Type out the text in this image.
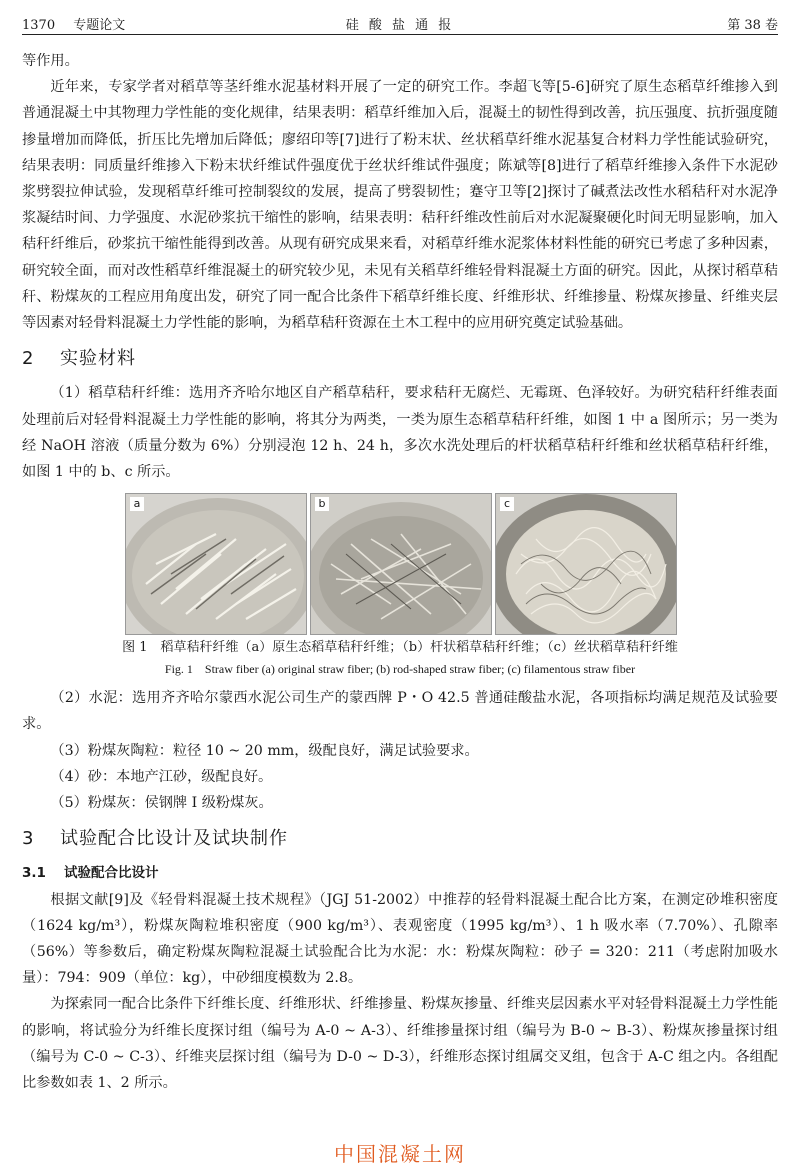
1370 专题论文	硅 酸 盐 通 报	第 38 卷

等作用。

近年来，专家学者对稻草等茎纤维水泥基材料开展了一定的研究工作。李超飞等[5-6]研究了原生态稻草纤维掺入到普通混凝土中其物理力学性能的变化规律，结果表明：稻草纤维加入后，混凝土的韧性得到改善，抗压强度、抗折强度随掺量增加而降低，折压比先增加后降低；廖绍印等[7]进行了粉末状、丝状稻草纤维水泥基复合材料力学性能试验研究，结果表明：同质量纤维掺入下粉末状纤维试件强度优于丝状纤维试件强度；陈斌等[8]进行了稻草纤维掺入条件下水泥砂浆劈裂拉伸试验，发现稻草纤维可控制裂纹的发展，提高了劈裂韧性；蹇守卫等[2]探讨了碱煮法改性水稻秸秆对水泥净浆凝结时间、力学强度、水泥砂浆抗干缩性的影响，结果表明：秸秆纤维改性前后对水泥凝聚硬化时间无明显影响，加入秸秆纤维后，砂浆抗干缩性能得到改善。从现有研究成果来看，对稻草纤维水泥浆体材料性能的研究已考虑了多种因素，研究较全面，而对改性稻草纤维混凝土的研究较少见，未见有关稻草纤维轻骨料混凝土方面的研究。因此，从探讨稻草秸秆、粉煤灰的工程应用角度出发，研究了同一配合比条件下稻草纤维长度、纤维形状、纤维掺量、粉煤灰掺量、纤维夹层等因素对轻骨料混凝土力学性能的影响，为稻草秸秆资源在土木工程中的应用研究奠定试验基础。

2 实验材料

（1）稻草秸秆纤维：选用齐齐哈尔地区自产稻草秸秆，要求秸秆无腐烂、无霉斑、色泽较好。为研究秸秆纤维表面处理前后对轻骨料混凝土力学性能的影响，将其分为两类，一类为原生态稻草秸秆纤维，如图 1 中 a 图所示；另一类为经 NaOH 溶液（质量分数为 6%）分别浸泡 12 h、24 h，多次水洗处理后的杆状稻草秸秆纤维和丝状稻草秸秆纤维，如图 1 中的 b、c 所示。

a	b	c
图 1　稻草秸秆纤维（a）原生态稻草秸秆纤维；（b）杆状稻草秸秆纤维；（c）丝状稻草秸秆纤维
Fig. 1　Straw fiber (a) original straw fiber; (b) rod-shaped straw fiber; (c) filamentous straw fiber

（2）水泥：选用齐齐哈尔蒙西水泥公司生产的蒙西牌 P・O 42.5 普通硅酸盐水泥，各项指标均满足规范及试验要求。

（3）粉煤灰陶粒：粒径 10 ~ 20 mm，级配良好，满足试验要求。

（4）砂：本地产江砂，级配良好。

（5）粉煤灰：侯钢牌 Ⅰ 级粉煤灰。

3 试验配合比设计及试块制作
3.1 试验配合比设计

根据文献[9]及《轻骨料混凝土技术规程》（JGJ 51-2002）中推荐的轻骨料混凝土配合比方案，在测定砂堆积密度（1624 kg/m³），粉煤灰陶粒堆积密度（900 kg/m³）、表观密度（1995 kg/m³）、1 h 吸水率（7.70%）、孔隙率（56%）等参数后，确定粉煤灰陶粒混凝土试验配合比为水泥：水：粉煤灰陶粒：砂子 = 320：211（考虑附加吸水量）：794：909（单位：kg），中砂细度模数为 2.8。

为探索同一配合比条件下纤维长度、纤维形状、纤维掺量、粉煤灰掺量、纤维夹层因素水平对轻骨料混凝土力学性能的影响，将试验分为纤维长度探讨组（编号为 A-0 ~ A-3）、纤维掺量探讨组（编号为 B-0 ~ B-3）、粉煤灰掺量探讨组（编号为 C-0 ~ C-3）、纤维夹层探讨组（编号为 D-0 ~ D-3），纤维形态探讨组属交叉组，包含于 A-C 组之内。各组配比参数如表 1、2 所示。

中国混凝土网
